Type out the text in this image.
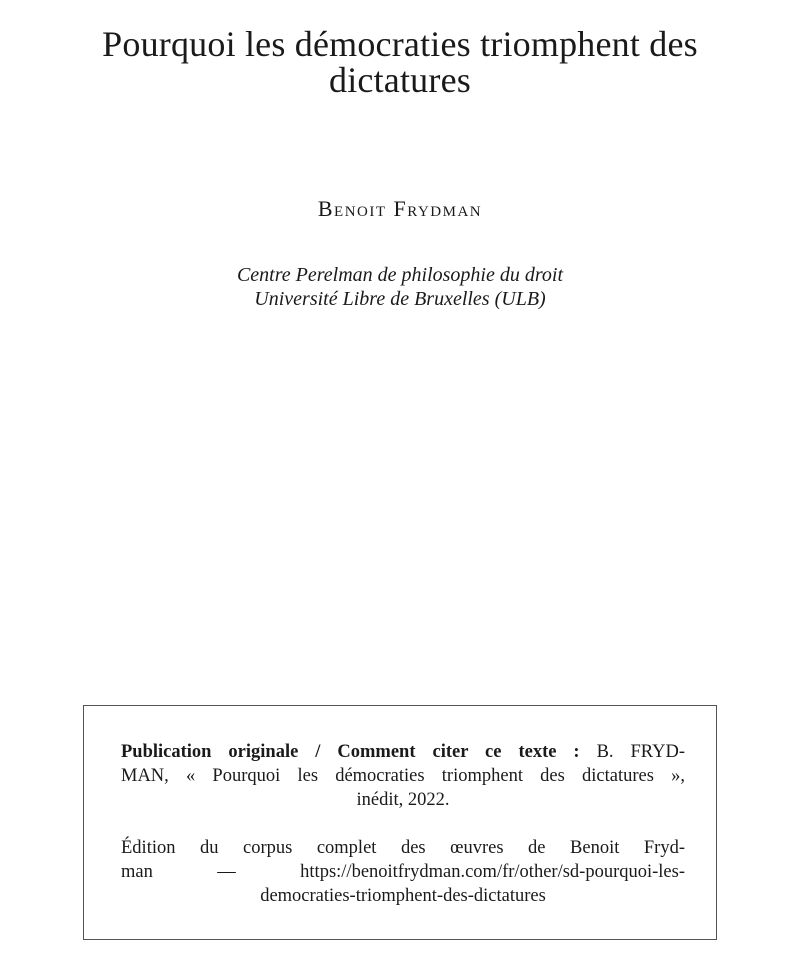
Pourquoi les démocraties triomphent des
dictatures
Benoit Frydman
Centre Perelman de philosophie du droit
Université Libre de Bruxelles (ULB)

Publication originale / Comment citer ce texte : B. FRYD-
MAN, « Pourquoi les démocraties triomphent des dictatures »,
inédit, 2022.

Édition du corpus complet des œuvres de Benoit Fryd-
man — https://benoitfrydman.com/fr/other/sd-pourquoi-les-
democraties-triomphent-des-dictatures
